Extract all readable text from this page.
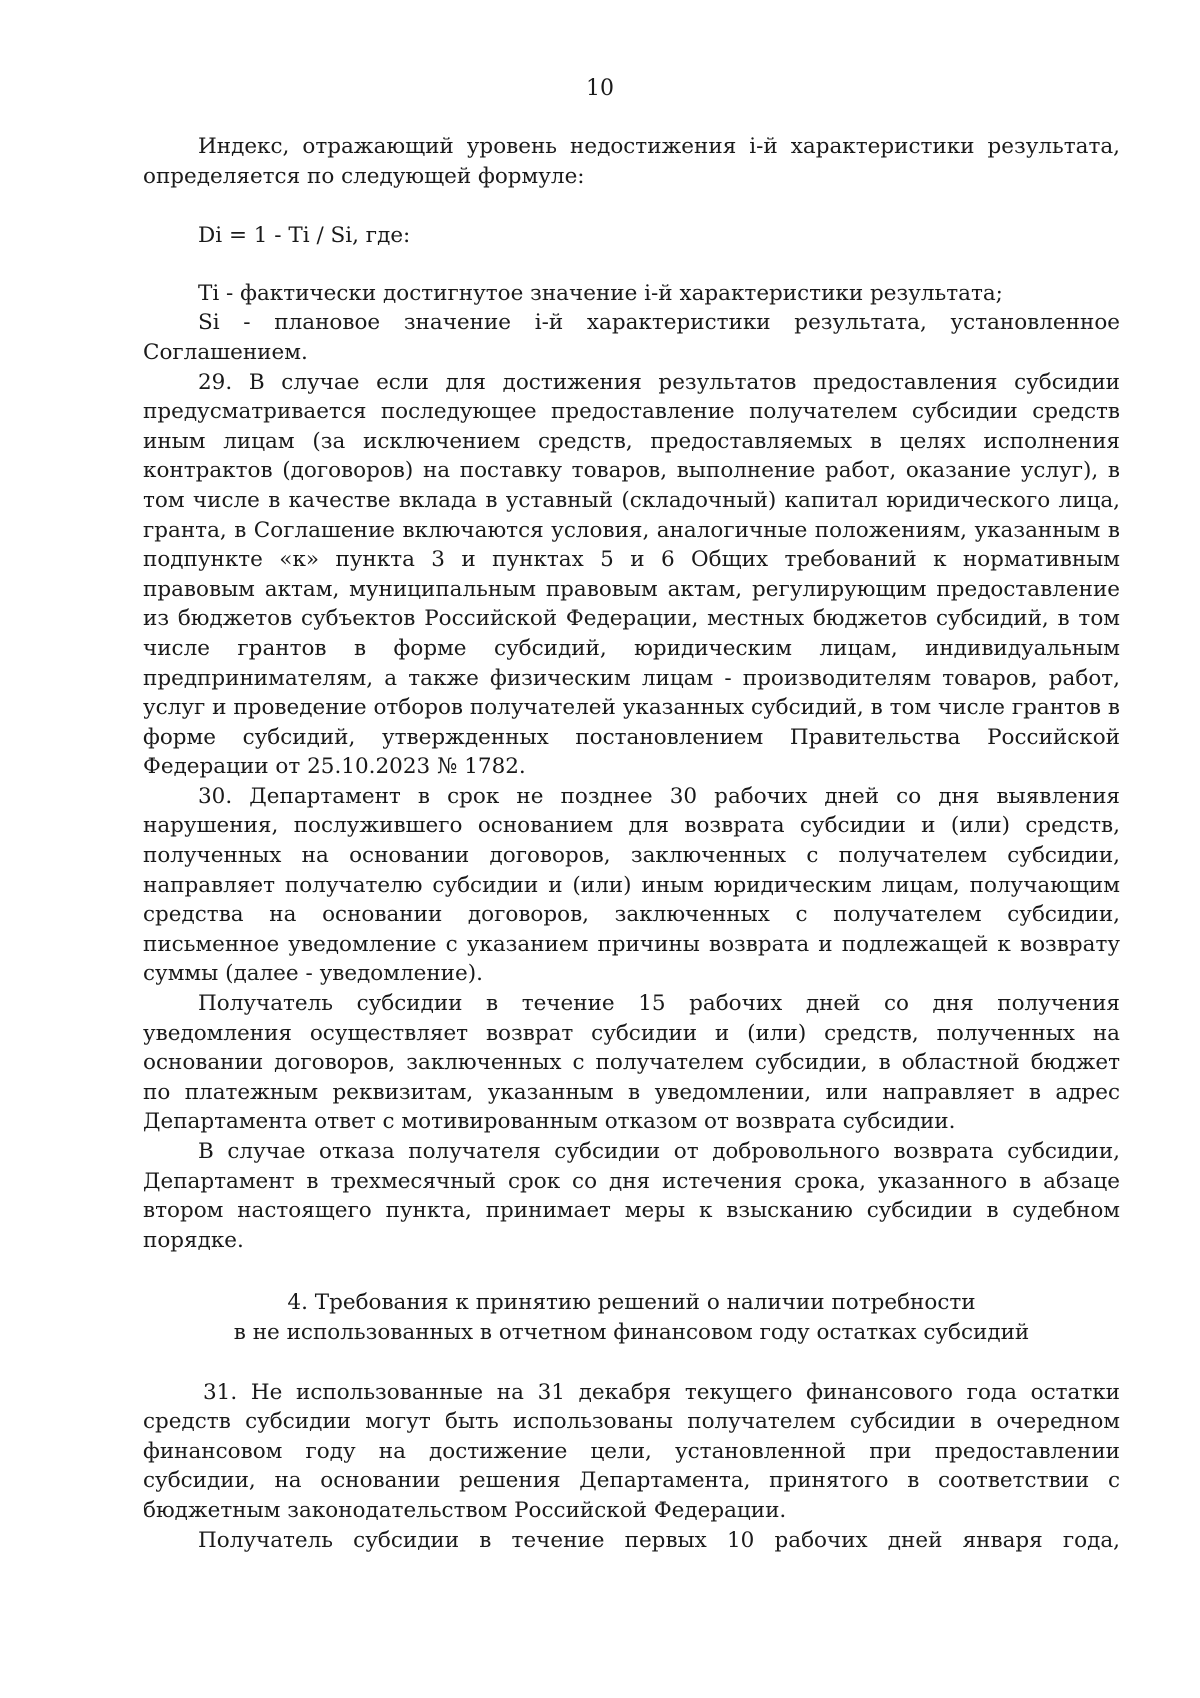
10

Индекс, отражающий уровень недостижения i-й характеристики результата, определяется по следующей формуле:

Di = 1 - Ti / Si, где:

Ti - фактически достигнутое значение i-й характеристики результата;

Si - плановое значение i-й характеристики результата, установленное Соглашением.

29. В случае если для достижения результатов предоставления субсидии предусматривается последующее предоставление получателем субсидии средств иным лицам (за исключением средств, предоставляемых в целях исполнения контрактов (договоров) на поставку товаров, выполнение работ, оказание услуг), в том числе в качестве вклада в уставный (складочный) капитал юридического лица, гранта, в Соглашение включаются условия, аналогичные положениям, указанным в подпункте «к» пункта 3 и пунктах 5 и 6 Общих требований к нормативным правовым актам, муниципальным правовым актам, регулирующим предоставление из бюджетов субъектов Российской Федерации, местных бюджетов субсидий, в том числе грантов в форме субсидий, юридическим лицам, индивидуальным предпринимателям, а также физическим лицам - производителям товаров, работ, услуг и проведение отборов получателей указанных субсидий, в том числе грантов в форме субсидий, утвержденных постановлением Правительства Российской Федерации от 25.10.2023 № 1782.

30. Департамент в срок не позднее 30 рабочих дней со дня выявления нарушения, послужившего основанием для возврата субсидии и (или) средств, полученных на основании договоров, заключенных с получателем субсидии, направляет получателю субсидии и (или) иным юридическим лицам, получающим средства на основании договоров, заключенных с получателем субсидии, письменное уведомление с указанием причины возврата и подлежащей к возврату суммы (далее - уведомление).

Получатель субсидии в течение 15 рабочих дней со дня получения уведомления осуществляет возврат субсидии и (или) средств, полученных на основании договоров, заключенных с получателем субсидии, в областной бюджет по платежным реквизитам, указанным в уведомлении, или направляет в адрес Департамента ответ с мотивированным отказом от возврата субсидии.

В случае отказа получателя субсидии от добровольного возврата субсидии, Департамент в трехмесячный срок со дня истечения срока, указанного в абзаце втором настоящего пункта, принимает меры к взысканию субсидии в судебном порядке.

4. Требования к принятию решений о наличии потребности
в не использованных в отчетном финансовом году остатках субсидий

31. Не использованные на 31 декабря текущего финансового года остатки средств субсидии могут быть использованы получателем субсидии в очередном финансовом году на достижение цели, установленной при предоставлении субсидии, на основании решения Департамента, принятого в соответствии с бюджетным законодательством Российской Федерации.

Получатель субсидии в течение первых 10 рабочих дней января года,
